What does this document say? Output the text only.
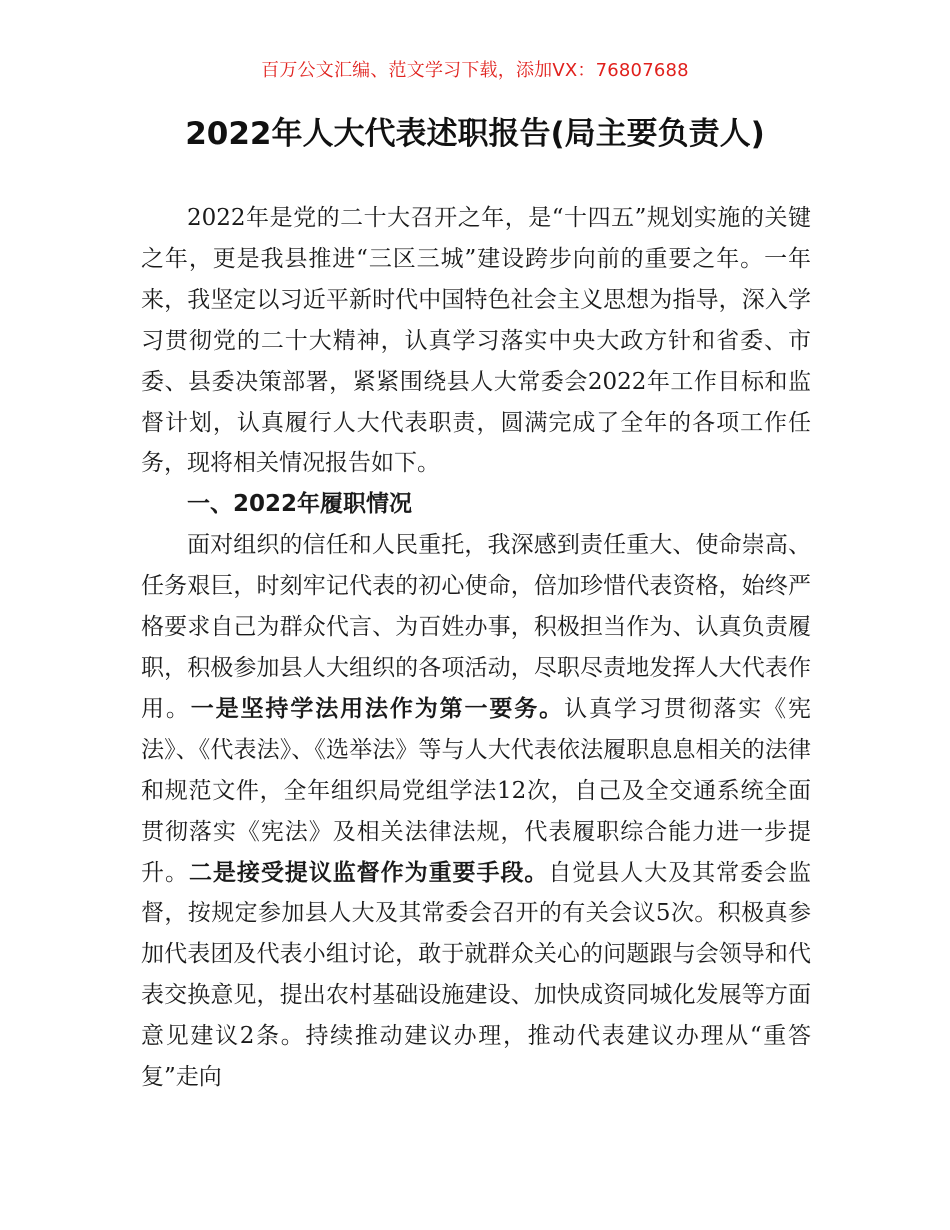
百万公文汇编、范文学习下载，添加VX：76807688
2022年人大代表述职报告(局主要负责人)

2022年是党的二十大召开之年，是“十四五”规划实施的关键之年，更是我县推进“三区三城”建设跨步向前的重要之年。一年来，我坚定以习近平新时代中国特色社会主义思想为指导，深入学习贯彻党的二十大精神，认真学习落实中央大政方针和省委、市委、县委决策部署，紧紧围绕县人大常委会2022年工作目标和监督计划，认真履行人大代表职责，圆满完成了全年的各项工作任务，现将相关情况报告如下。

一、2022年履职情况

面对组织的信任和人民重托，我深感到责任重大、使命崇高、任务艰巨，时刻牢记代表的初心使命，倍加珍惜代表资格，始终严格要求自己为群众代言、为百姓办事，积极担当作为、认真负责履职，积极参加县人大组织的各项活动，尽职尽责地发挥人大代表作用。一是坚持学法用法作为第一要务。认真学习贯彻落实《宪法》、《代表法》、《选举法》等与人大代表依法履职息息相关的法律和规范文件，全年组织局党组学法12次，自己及全交通系统全面贯彻落实《宪法》及相关法律法规，代表履职综合能力进一步提升。二是接受提议监督作为重要手段。自觉县人大及其常委会监督，按规定参加县人大及其常委会召开的有关会议5次。积极真参加代表团及代表小组讨论，敢于就群众关心的问题跟与会领导和代表交换意见，提出农村基础设施建设、加快成资同城化发展等方面意见建议2条。持续推动建议办理，推动代表建议办理从“重答复”走向
